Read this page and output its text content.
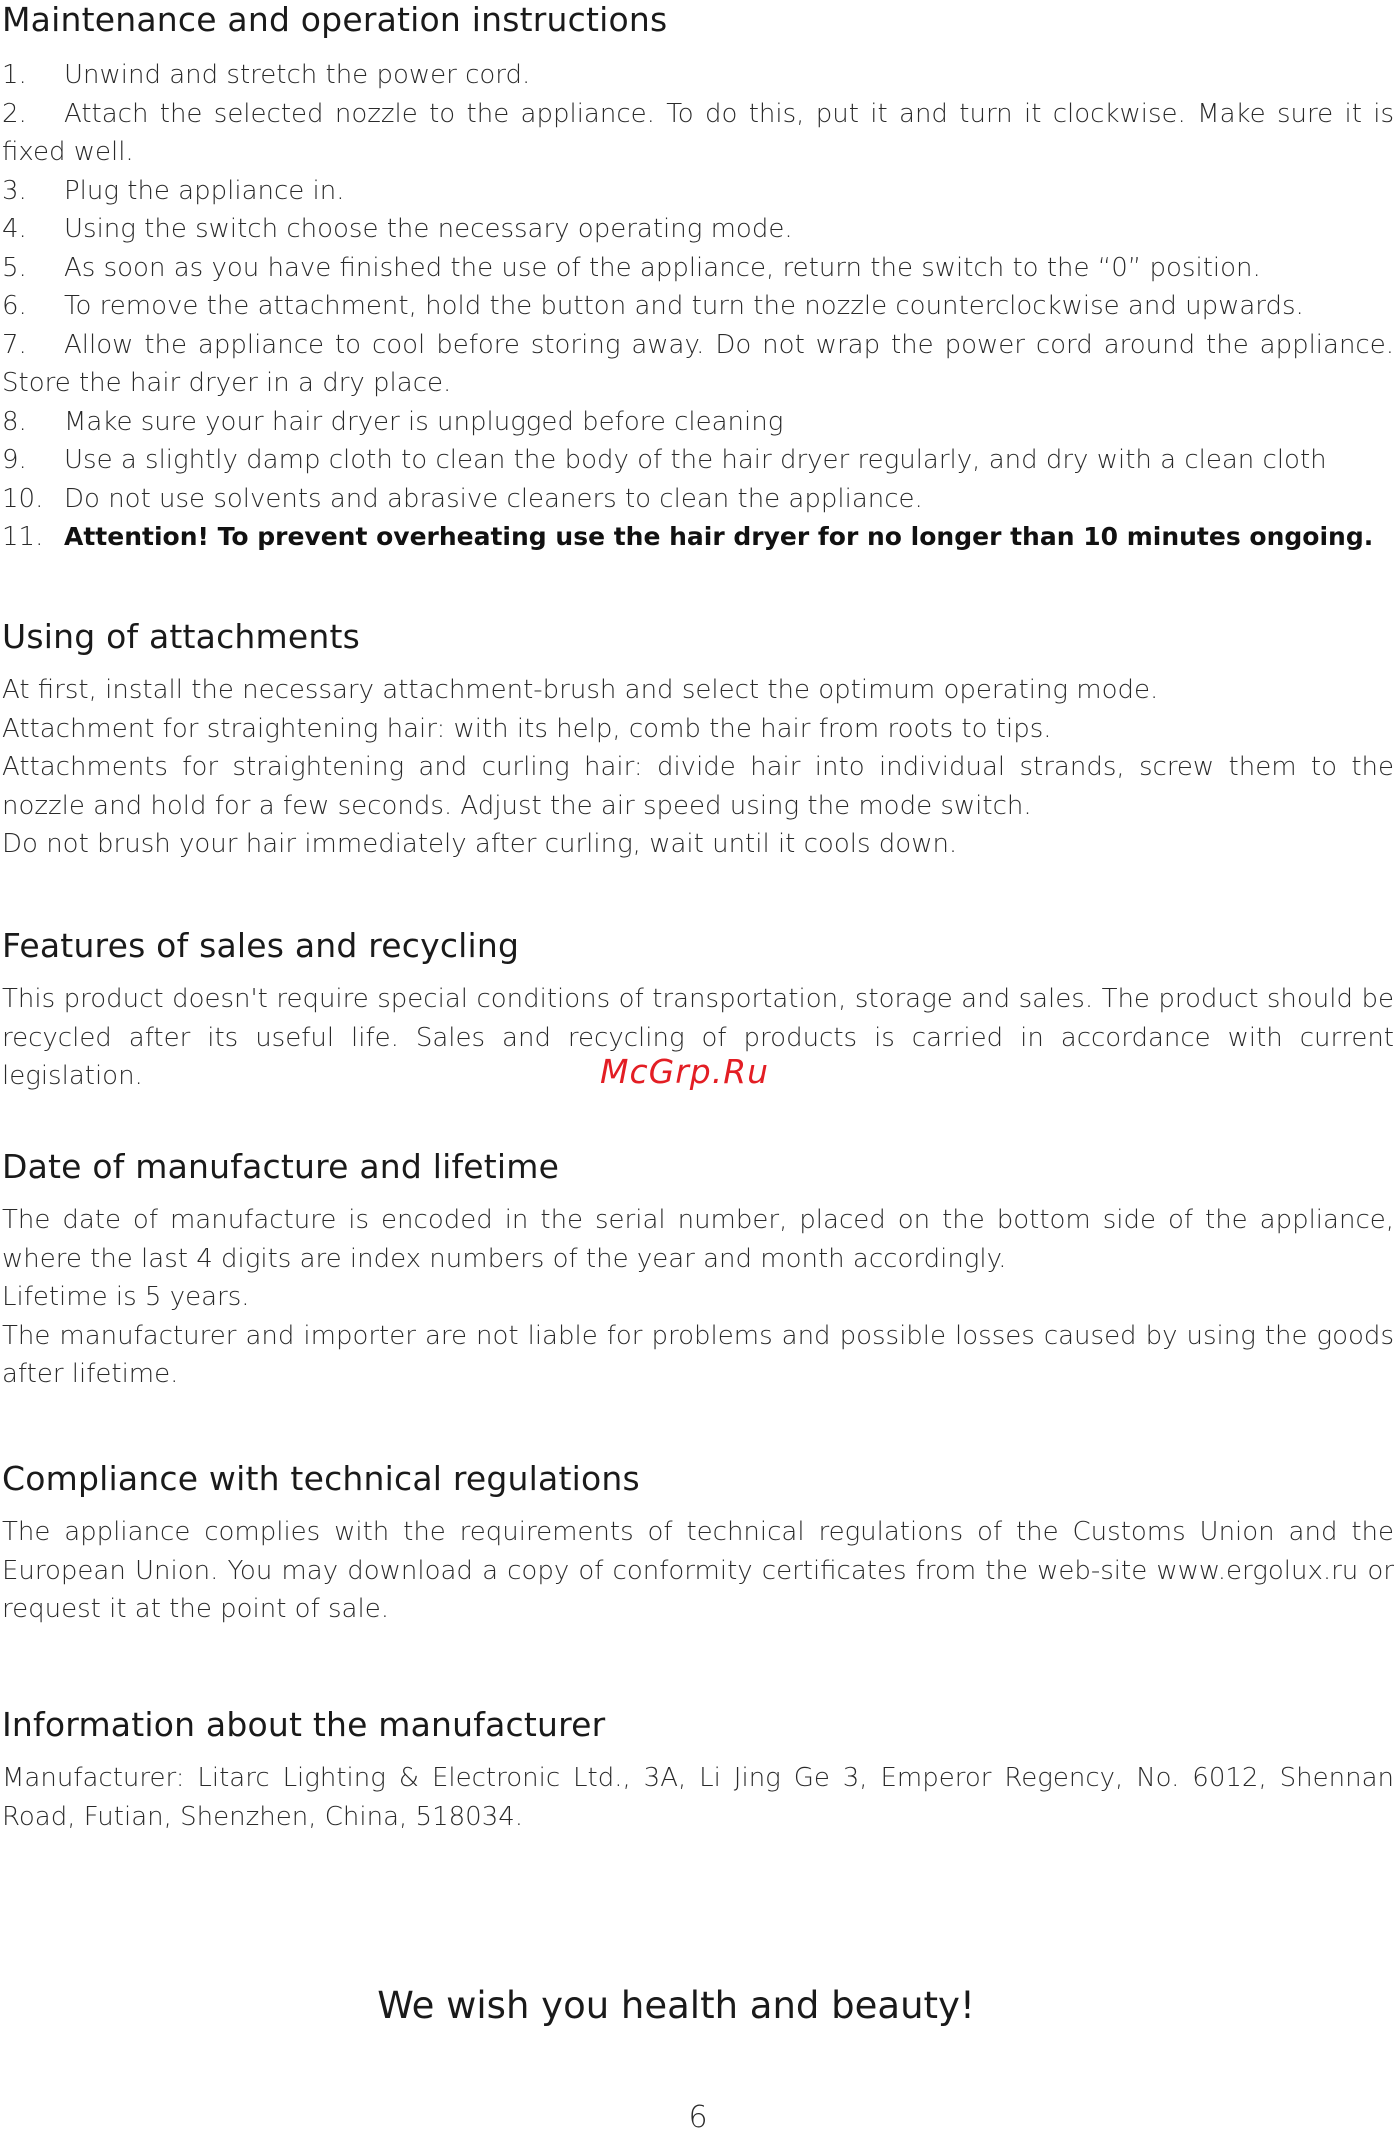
Maintenance and operation instructions
1. Unwind and stretch the power cord.
2. Attach the selected nozzle to the appliance. To do this, put it and turn it clockwise. Make sure it is fixed well.
3. Plug the appliance in.
4. Using the switch choose the necessary operating mode.
5. As soon as you have finished the use of the appliance, return the switch to the “0” position.
6. To remove the attachment, hold the button and turn the nozzle counterclockwise and upwards.
7. Allow the appliance to cool before storing away. Do not wrap the power cord around the appliance. Store the hair dryer in a dry place.
8. Make sure your hair dryer is unplugged before cleaning
9. Use a slightly damp cloth to clean the body of the hair dryer regularly, and dry with a clean cloth
10. Do not use solvents and abrasive cleaners to clean the appliance.
11. Attention! To prevent overheating use the hair dryer for no longer than 10 minutes ongoing.
Using of attachments

At first, install the necessary attachment-brush and select the optimum operating mode.

Attachment for straightening hair: with its help, comb the hair from roots to tips.

Attachments for straightening and curling hair: divide hair into individual strands, screw them to the nozzle and hold for a few seconds. Adjust the air speed using the mode switch.

Do not brush your hair immediately after curling, wait until it cools down.

Features of sales and recycling

This product doesn't require special conditions of transportation, storage and sales. The product should be recycled after its useful life. Sales and recycling of products is carried in accordance with current legislation.

Date of manufacture and lifetime

The date of manufacture is encoded in the serial number, placed on the bottom side of the appliance, where the last 4 digits are index numbers of the year and month accordingly.

Lifetime is 5 years.

The manufacturer and importer are not liable for problems and possible losses caused by using the goods after lifetime.

Compliance with technical regulations

The appliance complies with the requirements of technical regulations of the Customs Union and the European Union. You may download a copy of conformity certificates from the web-site www.ergolux.ru or request it at the point of sale.

Information about the manufacturer

Manufacturer: Litarc Lighting & Electronic Ltd., 3A, Li Jing Ge 3, Emperor Regency, No. 6012, Shennan Road, Futian, Shenzhen, China, 518034.

We wish you health and beauty!
6
McGrp.Ru
